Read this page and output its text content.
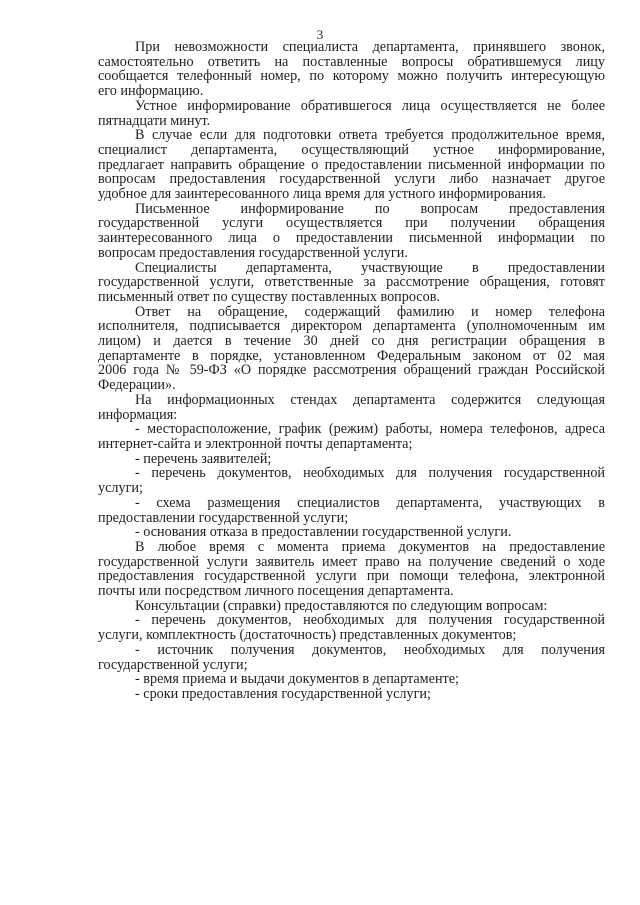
3
При невозможности специалиста департамента, принявшего звонок,
самостоятельно ответить на поставленные вопросы обратившемуся лицу
сообщается телефонный номер, по которому можно получить интересующую
его информацию.
Устное информирование обратившегося лица осуществляется не более
пятнадцати минут.
В случае если для подготовки ответа требуется продолжительное время,
специалист департамента, осуществляющий устное информирование,
предлагает направить обращение о предоставлении письменной информации по
вопросам предоставления государственной услуги либо назначает другое
удобное для заинтересованного лица время для устного информирования.
Письменное информирование по вопросам предоставления
государственной услуги осуществляется при получении обращения
заинтересованного лица о предоставлении письменной информации по
вопросам предоставления государственной услуги.
Специалисты департамента, участвующие в предоставлении
государственной услуги, ответственные за рассмотрение обращения, готовят
письменный ответ по существу поставленных вопросов.
Ответ на обращение, содержащий фамилию и номер телефона
исполнителя, подписывается директором департамента (уполномоченным им
лицом) и дается в течение 30 дней со дня регистрации обращения в
департаменте в порядке, установленном Федеральным законом от 02 мая
2006 года № 59-ФЗ «О порядке рассмотрения обращений граждан Российской
Федерации».
На информационных стендах департамента содержится следующая
информация:
- месторасположение, график (режим) работы, номера телефонов, адреса
интернет-сайта и электронной почты департамента;
- перечень заявителей;
- перечень документов, необходимых для получения государственной
услуги;
- схема размещения специалистов департамента, участвующих в
предоставлении государственной услуги;
- основания отказа в предоставлении государственной услуги.
В любое время с момента приема документов на предоставление
государственной услуги заявитель имеет право на получение сведений о ходе
предоставления государственной услуги при помощи телефона, электронной
почты или посредством личного посещения департамента.
Консультации (справки) предоставляются по следующим вопросам:
- перечень документов, необходимых для получения государственной
услуги, комплектность (достаточность) представленных документов;
- источник получения документов, необходимых для получения
государственной услуги;
- время приема и выдачи документов в департаменте;
- сроки предоставления государственной услуги;
